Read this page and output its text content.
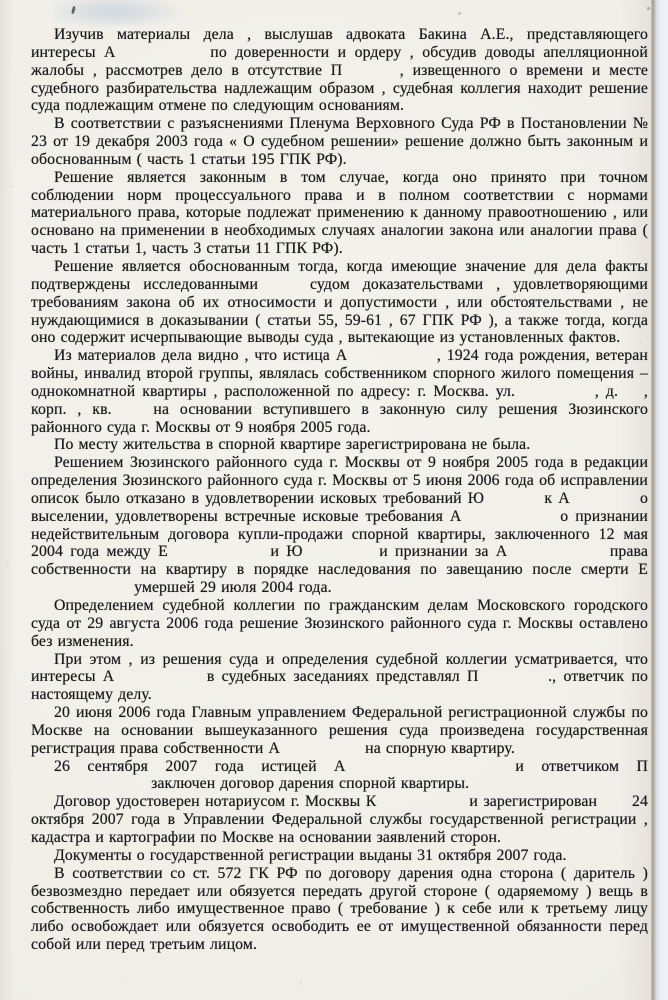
Изучив материалы дела , выслушав адвоката Бакина А.Е., представляющего интересы А	по доверенности и ордеру , обсудив доводы апелляционной жалобы , рассмотрев дело в отсутствие П	, извещенного о времени и месте судебного разбирательства надлежащим образом , судебная коллегия находит решение суда подлежащим отмене по следующим основаниям.

В соответствии с разъяснениями Пленума Верховного Суда РФ в Постановлении № 23 от 19 декабря 2003 года « О судебном решении» решение должно быть законным и обоснованным ( часть 1 статьи 195 ГПК РФ).

Решение является законным в том случае, когда оно принято при точном соблюдении норм процессуального права и в полном соответствии с нормами материального права, которые подлежат применению к данному правоотношению , или основано на применении в необходимых случаях аналогии закона или аналогии права ( часть 1 статьи 1, часть 3 статьи 11 ГПК РФ).

Решение является обоснованным тогда, когда имеющие значение для дела факты подтверждены исследованными	судом доказательствами , удовлетворяющими требованиям закона об их относимости и допустимости , или обстоятельствами , не нуждающимися в доказывании ( статьи 55, 59-61 , 67 ГПК РФ ), а также тогда, когда оно содержит исчерпывающие выводы суда , вытекающие из установленных фактов.

Из материалов дела видно , что истица А	, 1924 года рождения, ветеран войны, инвалид второй группы, являлась собственником спорного жилого помещения – однокомнатной квартиры , расположенной по адресу: г. Москва. ул.	, д. , корп. , кв.	на основании вступившего в законную силу решения Зюзинского районного суда г. Москвы от 9 ноября 2005 года.

По месту жительства в спорной квартире зарегистрирована не была.

Решением Зюзинского районного суда г. Москвы от 9 ноября 2005 года в редакции определения Зюзинского районного суда г. Москвы от 5 июня 2006 года об исправлении описок было отказано в удовлетворении исковых требований Ю	к А	о выселении, удовлетворены встречные исковые требования А	о признании недействительным договора купли-продажи спорной квартиры, заключенного 12 мая 2004 года между Е	и Ю	и признании за А	права собственности на квартиру в порядке наследования по завещанию после смерти Е  умершей 29 июля 2004 года.

Определением судебной коллегии по гражданским делам Московского городского суда от 29 августа 2006 года решение Зюзинского районного суда г. Москвы оставлено без изменения.

При этом , из решения суда и определения судебной коллегии усматривается, что интересы А	в судебных заседаниях представлял П	., ответчик по настоящему делу.

20 июня 2006 года Главным управлением Федеральной регистрационной службы по Москве на основании вышеуказанного решения суда произведена государственная регистрация права собственности А	на спорную квартиру.

26 сентября 2007 года истицей А	и ответчиком П  заключен договор дарения спорной квартиры.

Договор удостоверен нотариусом г. Москвы К	и зарегистрирован 24 октября 2007 года в Управлении Федеральной службы государственной регистрации , кадастра и картографии по Москве на основании заявлений сторон.

Документы о государственной регистрации выданы 31 октября 2007 года.

В соответствии со ст. 572 ГК РФ по договору дарения одна сторона ( даритель ) безвозмездно передает или обязуется передать другой стороне ( одаряемому ) вещь в собственность либо имущественное право ( требование ) к себе или к третьему лицу либо освобождает или обязуется освободить ее от имущественной обязанности перед собой или перед третьим лицом.
